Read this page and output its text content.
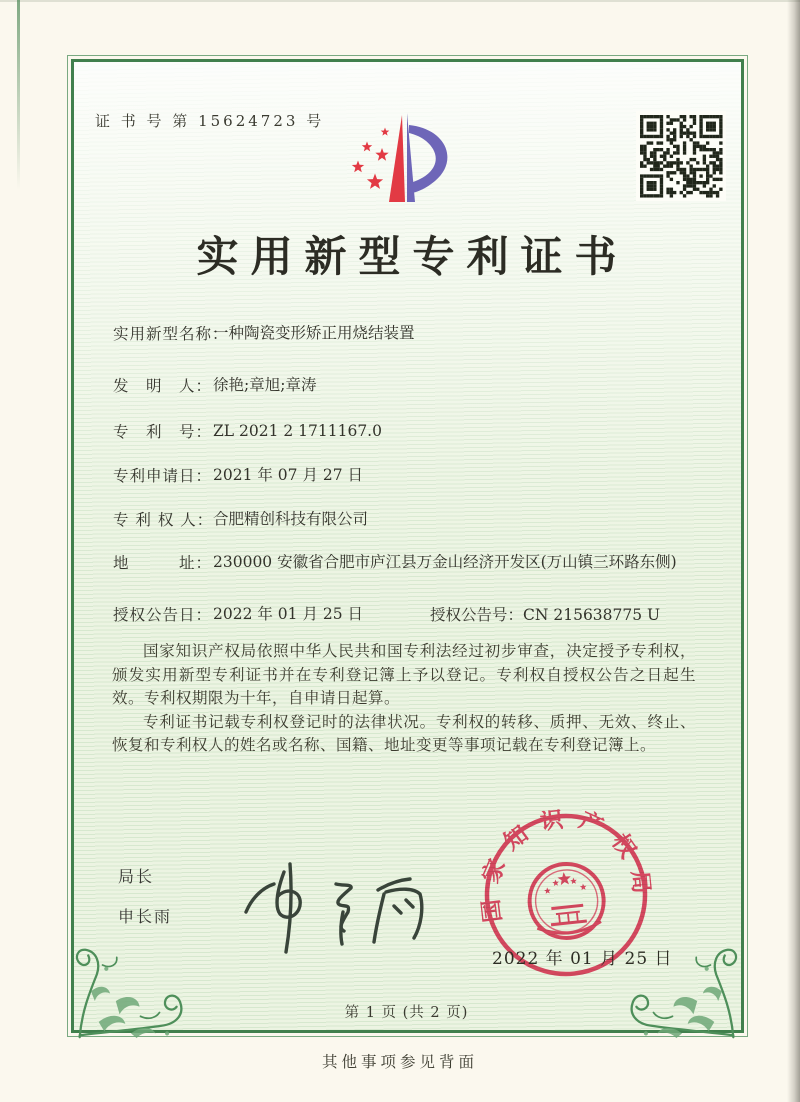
证 书 号 第 15624723 号
实用新型专利证书
实用新型名称：
一种陶瓷变形矫正用烧结装置
发　明　人： 徐艳;章旭;章涛
专　利　号： ZL 2021 2 1711167.0
专利申请日： 2021 年 07 月 27 日
专 利 权 人： 合肥精创科技有限公司
地　　　址： 230000 安徽省合肥市庐江县万金山经济开发区(万山镇三环路东侧)
授权公告日： 2022 年 01 月 25 日	授权公告号：CN 215638775 U

国家知识产权局依照中华人民共和国专利法经过初步审查，决定授予专利权，颁发实用新型专利证书并在专利登记簿上予以登记。专利权自授权公告之日起生效。专利权期限为十年，自申请日起算。

专利证书记载专利权登记时的法律状况。专利权的转移、质押、无效、终止、恢复和专利权人的姓名或名称、国籍、地址变更等事项记载在专利登记簿上。

局长
申长雨	国家知识产权局
2022 年 01 月 25 日
第 1 页 (共 2 页)
其他事项参见背面
